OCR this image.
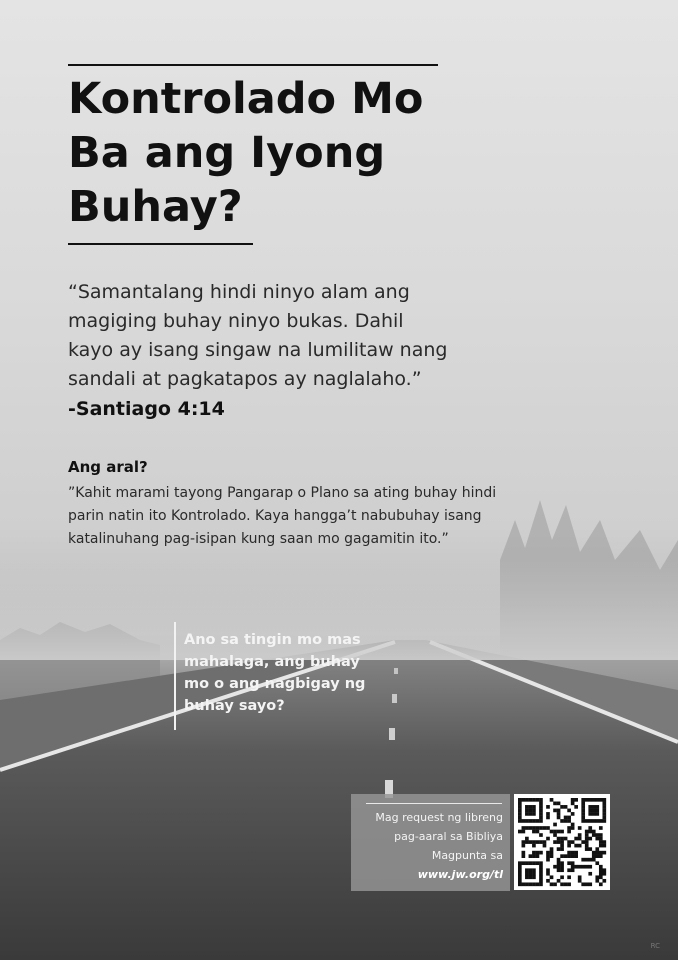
Kontrolado Mo
Ba ang Iyong
Buhay?

“Samantalang hindi ninyo alam ang
magiging buhay ninyo bukas. Dahil
kayo ay isang singaw na lumilitaw nang
sandali at pagkatapos ay naglalaho.”

-Santiago 4:14

Ang aral?

”Kahit marami tayong Pangarap o Plano sa ating buhay hindi
parin natin ito Kontrolado. Kaya hangga’t nabubuhay isang
katalinuhang pag-isipan kung saan mo gagamitin ito.”

Ano sa tingin mo mas
mahalaga, ang buhay
mo o ang nagbigay ng
buhay sayo?

Mag request ng libreng
pag-aaral sa Bibliya
Magpunta sa
www.jw.org/tl

RC
